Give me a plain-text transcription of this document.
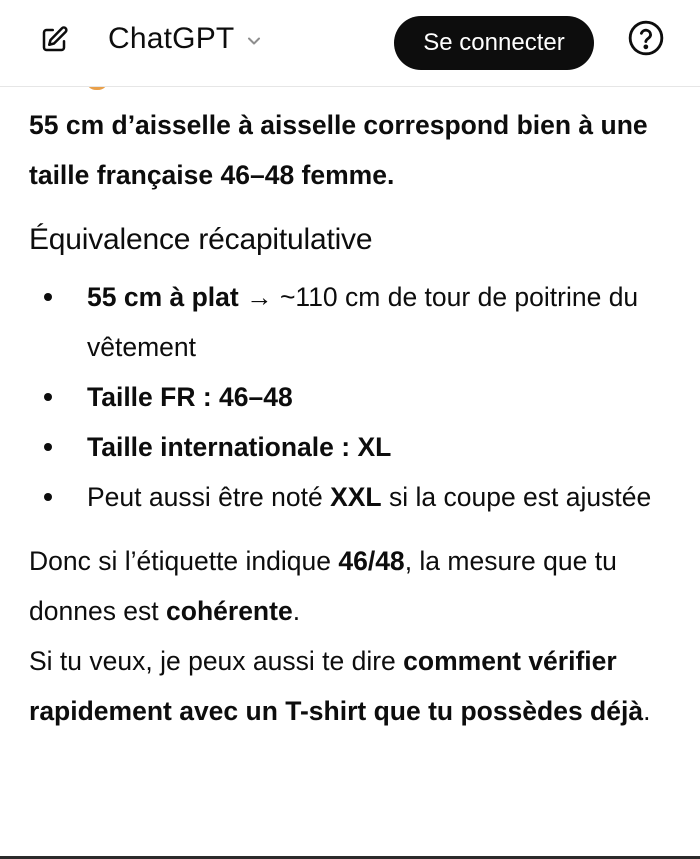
ChatGPT	Se connecter

55 cm d’aisselle à aisselle correspond bien à une taille française 46–48 femme.

Équivalence récapitulative
55 cm à plat → ~110 cm de tour de poitrine du vêtement
Taille FR : 46–48
Taille internationale : XL
Peut aussi être noté XXL si la coupe est ajustée

Donc si l’étiquette indique 46/48, la mesure que tu donnes est cohérente.

Si tu veux, je peux aussi te dire comment vérifier rapidement avec un T-shirt que tu possèdes déjà.
